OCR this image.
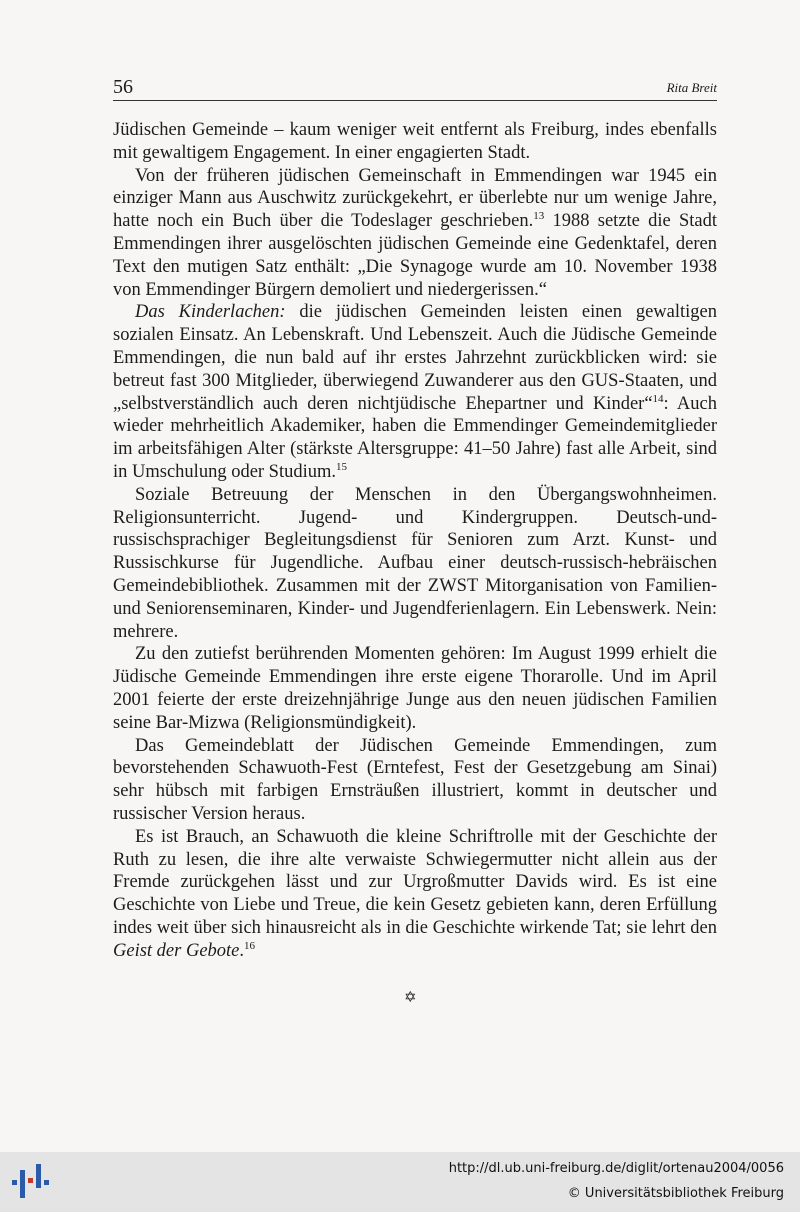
56	Rita Breit

Jüdischen Gemeinde – kaum weniger weit entfernt als Freiburg, indes ebenfalls mit gewaltigem Engagement. In einer engagierten Stadt.

Von der früheren jüdischen Gemeinschaft in Emmendingen war 1945 ein einziger Mann aus Auschwitz zurückgekehrt, er überlebte nur um wenige Jahre, hatte noch ein Buch über die Todeslager geschrieben.$^{13}$ 1988 setzte die Stadt Emmendingen ihrer ausgelöschten jüdischen Gemeinde eine Gedenktafel, deren Text den mutigen Satz enthält: „Die Synagoge wurde am 10. November 1938 von Emmendinger Bürgern demoliert und niedergerissen.“

Das Kinderlachen: die jüdischen Gemeinden leisten einen gewaltigen sozialen Einsatz. An Lebenskraft. Und Lebenszeit. Auch die Jüdische Gemeinde Emmendingen, die nun bald auf ihr erstes Jahrzehnt zurückblicken wird: sie betreut fast 300 Mitglieder, überwiegend Zuwanderer aus den GUS-Staaten, und „selbstverständlich auch deren nichtjüdische Ehepartner und Kinder“$^{14}$: Auch wieder mehrheitlich Akademiker, haben die Emmendinger Gemeindemitglieder im arbeitsfähigen Alter (stärkste Altersgruppe: 41–50 Jahre) fast alle Arbeit, sind in Umschulung oder Studium.$^{15}$

Soziale Betreuung der Menschen in den Übergangswohnheimen. Religionsunterricht. Jugend- und Kindergruppen. Deutsch-und-russischsprachiger Begleitungsdienst für Senioren zum Arzt. Kunst- und Russischkurse für Jugendliche. Aufbau einer deutsch-russisch-hebräischen Gemeindebibliothek. Zusammen mit der ZWST Mitorganisation von Familien- und Seniorenseminaren, Kinder- und Jugendferienlagern. Ein Lebenswerk. Nein: mehrere.

Zu den zutiefst berührenden Momenten gehören: Im August 1999 erhielt die Jüdische Gemeinde Emmendingen ihre erste eigene Thorarolle. Und im April 2001 feierte der erste dreizehnjährige Junge aus den neuen jüdischen Familien seine Bar-Mizwa (Religionsmündigkeit).

Das Gemeindeblatt der Jüdischen Gemeinde Emmendingen, zum bevorstehenden Schawuoth-Fest (Erntefest, Fest der Gesetzgebung am Sinai) sehr hübsch mit farbigen Ernsträußen illustriert, kommt in deutscher und russischer Version heraus.

Es ist Brauch, an Schawuoth die kleine Schriftrolle mit der Geschichte der Ruth zu lesen, die ihre alte verwaiste Schwiegermutter nicht allein aus der Fremde zurückgehen lässt und zur Urgroßmutter Davids wird. Es ist eine Geschichte von Liebe und Treue, die kein Gesetz gebieten kann, deren Erfüllung indes weit über sich hinausreicht als in die Geschichte wirkende Tat; sie lehrt den Geist der Gebote.$^{16}$

✡
http://dl.ub.uni-freiburg.de/diglit/ortenau2004/0056
© Universitätsbibliothek Freiburg
